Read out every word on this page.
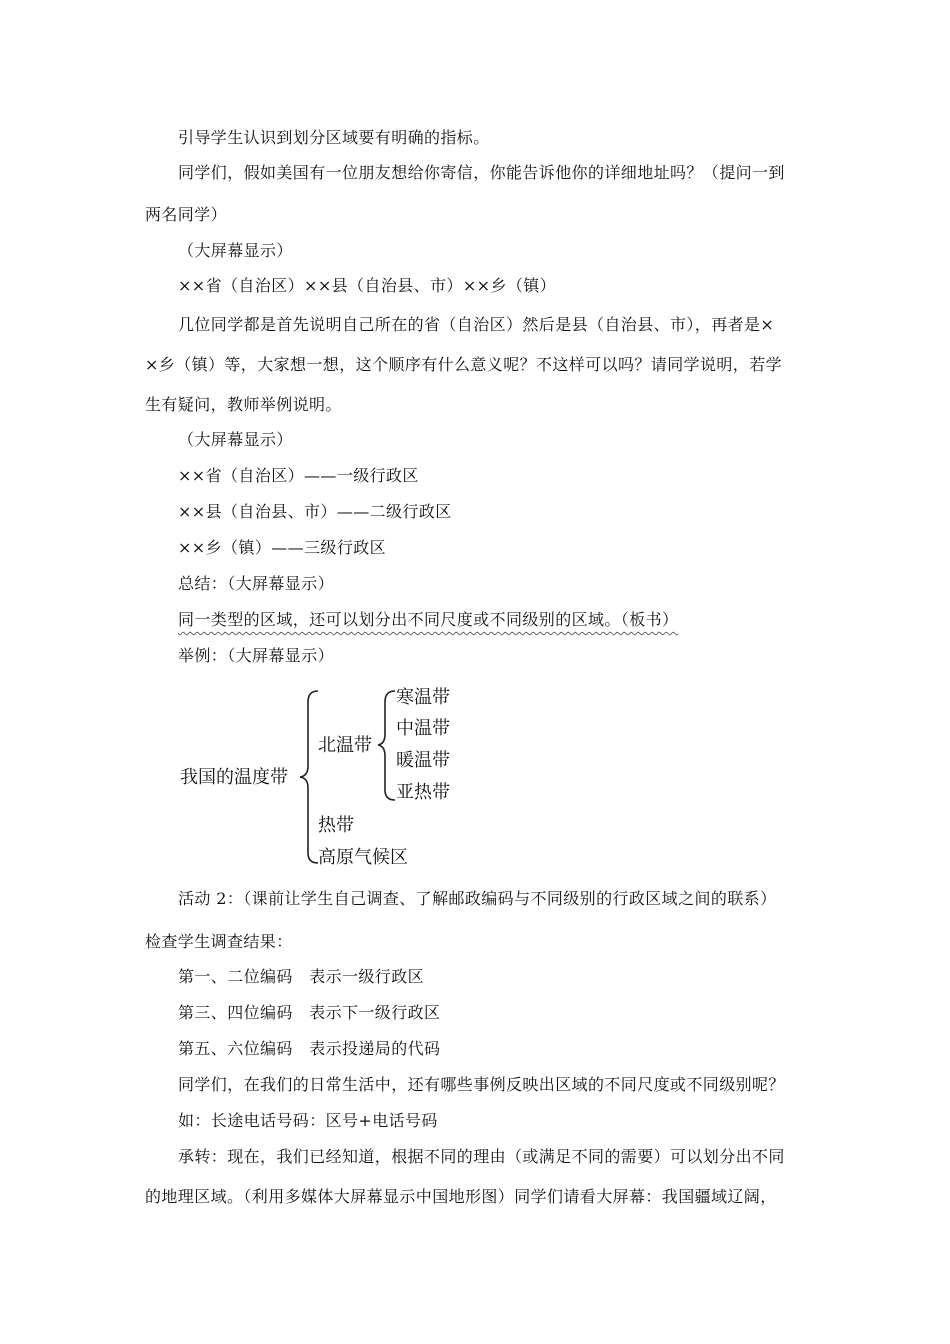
引导学生认识到划分区域要有明确的指标。
同学们，假如美国有一位朋友想给你寄信，你能告诉他你的详细地址吗？（提问一到
两名同学）
（大屏幕显示）
××省（自治区）××县（自治县、市）××乡（镇）
几位同学都是首先说明自己所在的省（自治区）然后是县（自治县、市），再者是×
×乡（镇）等，大家想一想，这个顺序有什么意义呢？不这样可以吗？请同学说明，若学
生有疑问，教师举例说明。
（大屏幕显示）
××省（自治区）——一级行政区
××县（自治县、市）——二级行政区
××乡（镇）——三级行政区
总结：（大屏幕显示）
同一类型的区域，还可以划分出不同尺度或不同级别的区域。（板书）
举例：（大屏幕显示）
我国的温度带
北温带
寒温带
中温带
暖温带
亚热带
热带
高原气候区
活动 2：（课前让学生自己调查、了解邮政编码与不同级别的行政区域之间的联系）
检查学生调查结果：
第一、二位编码　表示一级行政区
第三、四位编码　表示下一级行政区
第五、六位编码　表示投递局的代码
同学们，在我们的日常生活中，还有哪些事例反映出区域的不同尺度或不同级别呢？
如：长途电话号码：区号+电话号码
承转：现在，我们已经知道，根据不同的理由（或满足不同的需要）可以划分出不同
的地理区域。（利用多媒体大屏幕显示中国地形图）同学们请看大屏幕：我国疆域辽阔，
